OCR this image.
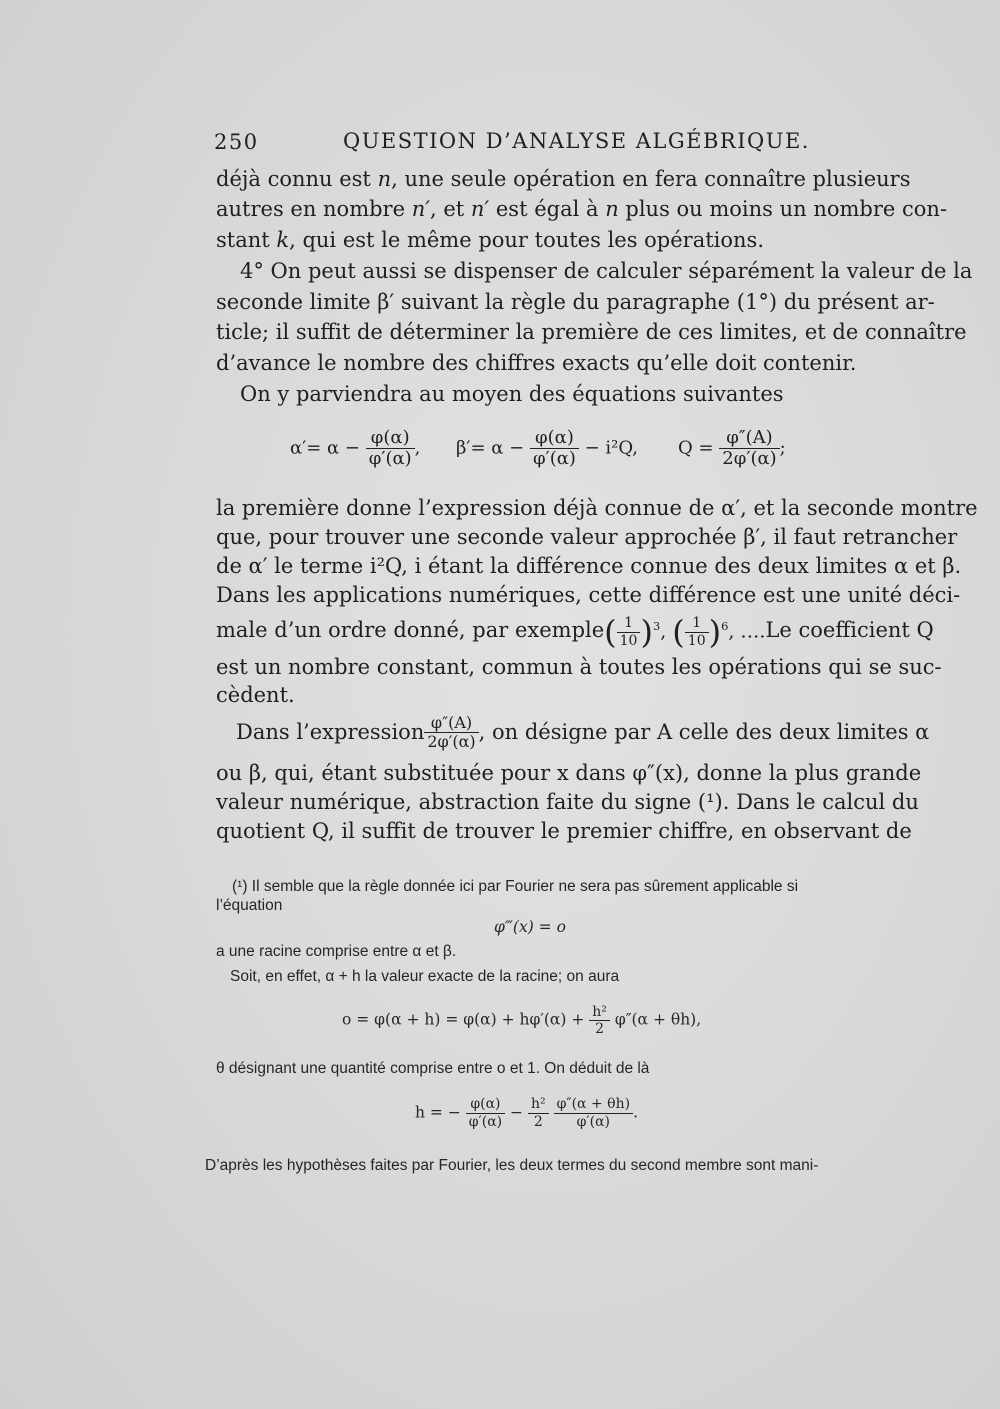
250	QUESTION D’ANALYSE ALGÉBRIQUE.
déjà connu est n, une seule opération en fera connaître plusieurs
autres en nombre n′, et n′ est égal à n plus ou moins un nombre con-
stant k, qui est le même pour toutes les opérations.
4° On peut aussi se dispenser de calculer séparément la valeur de la
seconde limite β′ suivant la règle du paragraphe (1°) du présent ar-
ticle; il suffit de déterminer la première de ces limites, et de connaître
d’avance le nombre des chiffres exacts qu’elle doit contenir.
On y parviendra au moyen des équations suivantes
$\alpha'= \alpha - \frac{\varphi(\alpha)}{\varphi'(\alpha)}$ , $\beta'= \alpha - \frac{\varphi(\alpha)}{\varphi'(\alpha)} - i^2Q$, $Q = \frac{\varphi''(A)}{2\varphi'(\alpha)}$ ;
la première donne l’expression déjà connue de α′, et la seconde montre
que, pour trouver une seconde valeur approchée β′, il faut retrancher
de α′ le terme i²Q, i étant la différence connue des deux limites α et β.
Dans les applications numériques, cette différence est une unité déci-
male d’un ordre donné, par exemple ( $\frac{1}{10} )^3$, ( $\frac{1}{10} )^6$, …. Le coefficient Q
est un nombre constant, commun à toutes les opérations qui se suc-
cèdent.
Dans l’expression $\frac{\varphi''(A)}{2\varphi'(\alpha)}$ , on désigne par A celle des deux limites α
ou β, qui, étant substituée pour x dans φ″(x), donne la plus grande
valeur numérique, abstraction faite du signe (¹). Dans le calcul du
quotient Q, il suffit de trouver le premier chiffre, en observant de
(¹) Il semble que la règle donnée ici par Fourier ne sera pas sûrement applicable si
l’équation
φ‴(x) = o
a une racine comprise entre α et β.
Soit, en effet, α + h la valeur exacte de la racine; on aura
$o = \varphi(\alpha + h) = \varphi(\alpha) + h\varphi'(\alpha) + \frac{\text{h²}}{2} \varphi''(\alpha + \theta h)$,
θ désignant une quantité comprise entre o et 1. On déduit de là
h = − $\frac{\varphi(\alpha)}{\varphi'(\alpha)} - \frac{\text{h²}}{2}$
$\frac{\varphi''(\alpha + \theta h)}{\varphi'(\alpha)}$ .
D’après les hypothèses faites par Fourier, les deux termes du second membre sont mani-
